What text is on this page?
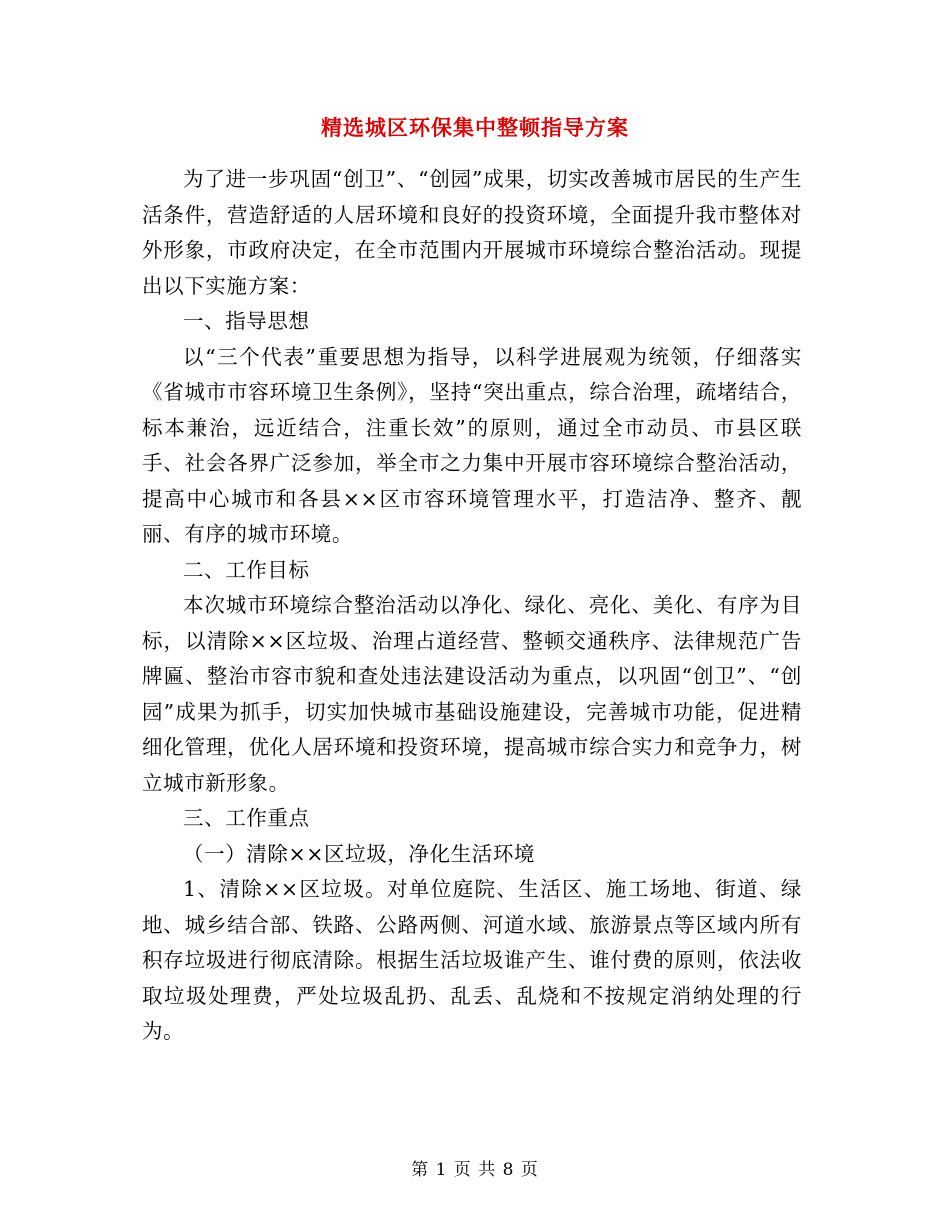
精选城区环保集中整顿指导方案

为了进一步巩固“创卫”、“创园”成果，切实改善城市居民的生产生活条件，营造舒适的人居环境和良好的投资环境，全面提升我市整体对外形象，市政府决定，在全市范围内开展城市环境综合整治活动。现提出以下实施方案：

一、指导思想

以“三个代表”重要思想为指导，以科学进展观为统领，仔细落实《省城市市容环境卫生条例》，坚持“突出重点，综合治理，疏堵结合，标本兼治，远近结合，注重长效”的原则，通过全市动员、市县区联手、社会各界广泛参加，举全市之力集中开展市容环境综合整治活动，提高中心城市和各县××区市容环境管理水平，打造洁净、整齐、靓丽、有序的城市环境。

二、工作目标

本次城市环境综合整治活动以净化、绿化、亮化、美化、有序为目标，以清除××区垃圾、治理占道经营、整顿交通秩序、法律规范广告牌匾、整治市容市貌和查处违法建设活动为重点，以巩固“创卫”、“创园”成果为抓手，切实加快城市基础设施建设，完善城市功能，促进精细化管理，优化人居环境和投资环境，提高城市综合实力和竞争力，树立城市新形象。

三、工作重点

（一）清除××区垃圾，净化生活环境

1、清除××区垃圾。对单位庭院、生活区、施工场地、街道、绿地、城乡结合部、铁路、公路两侧、河道水域、旅游景点等区域内所有积存垃圾进行彻底清除。根据生活垃圾谁产生、谁付费的原则，依法收取垃圾处理费，严处垃圾乱扔、乱丢、乱烧和不按规定消纳处理的行为。

第 1 页 共 8 页
